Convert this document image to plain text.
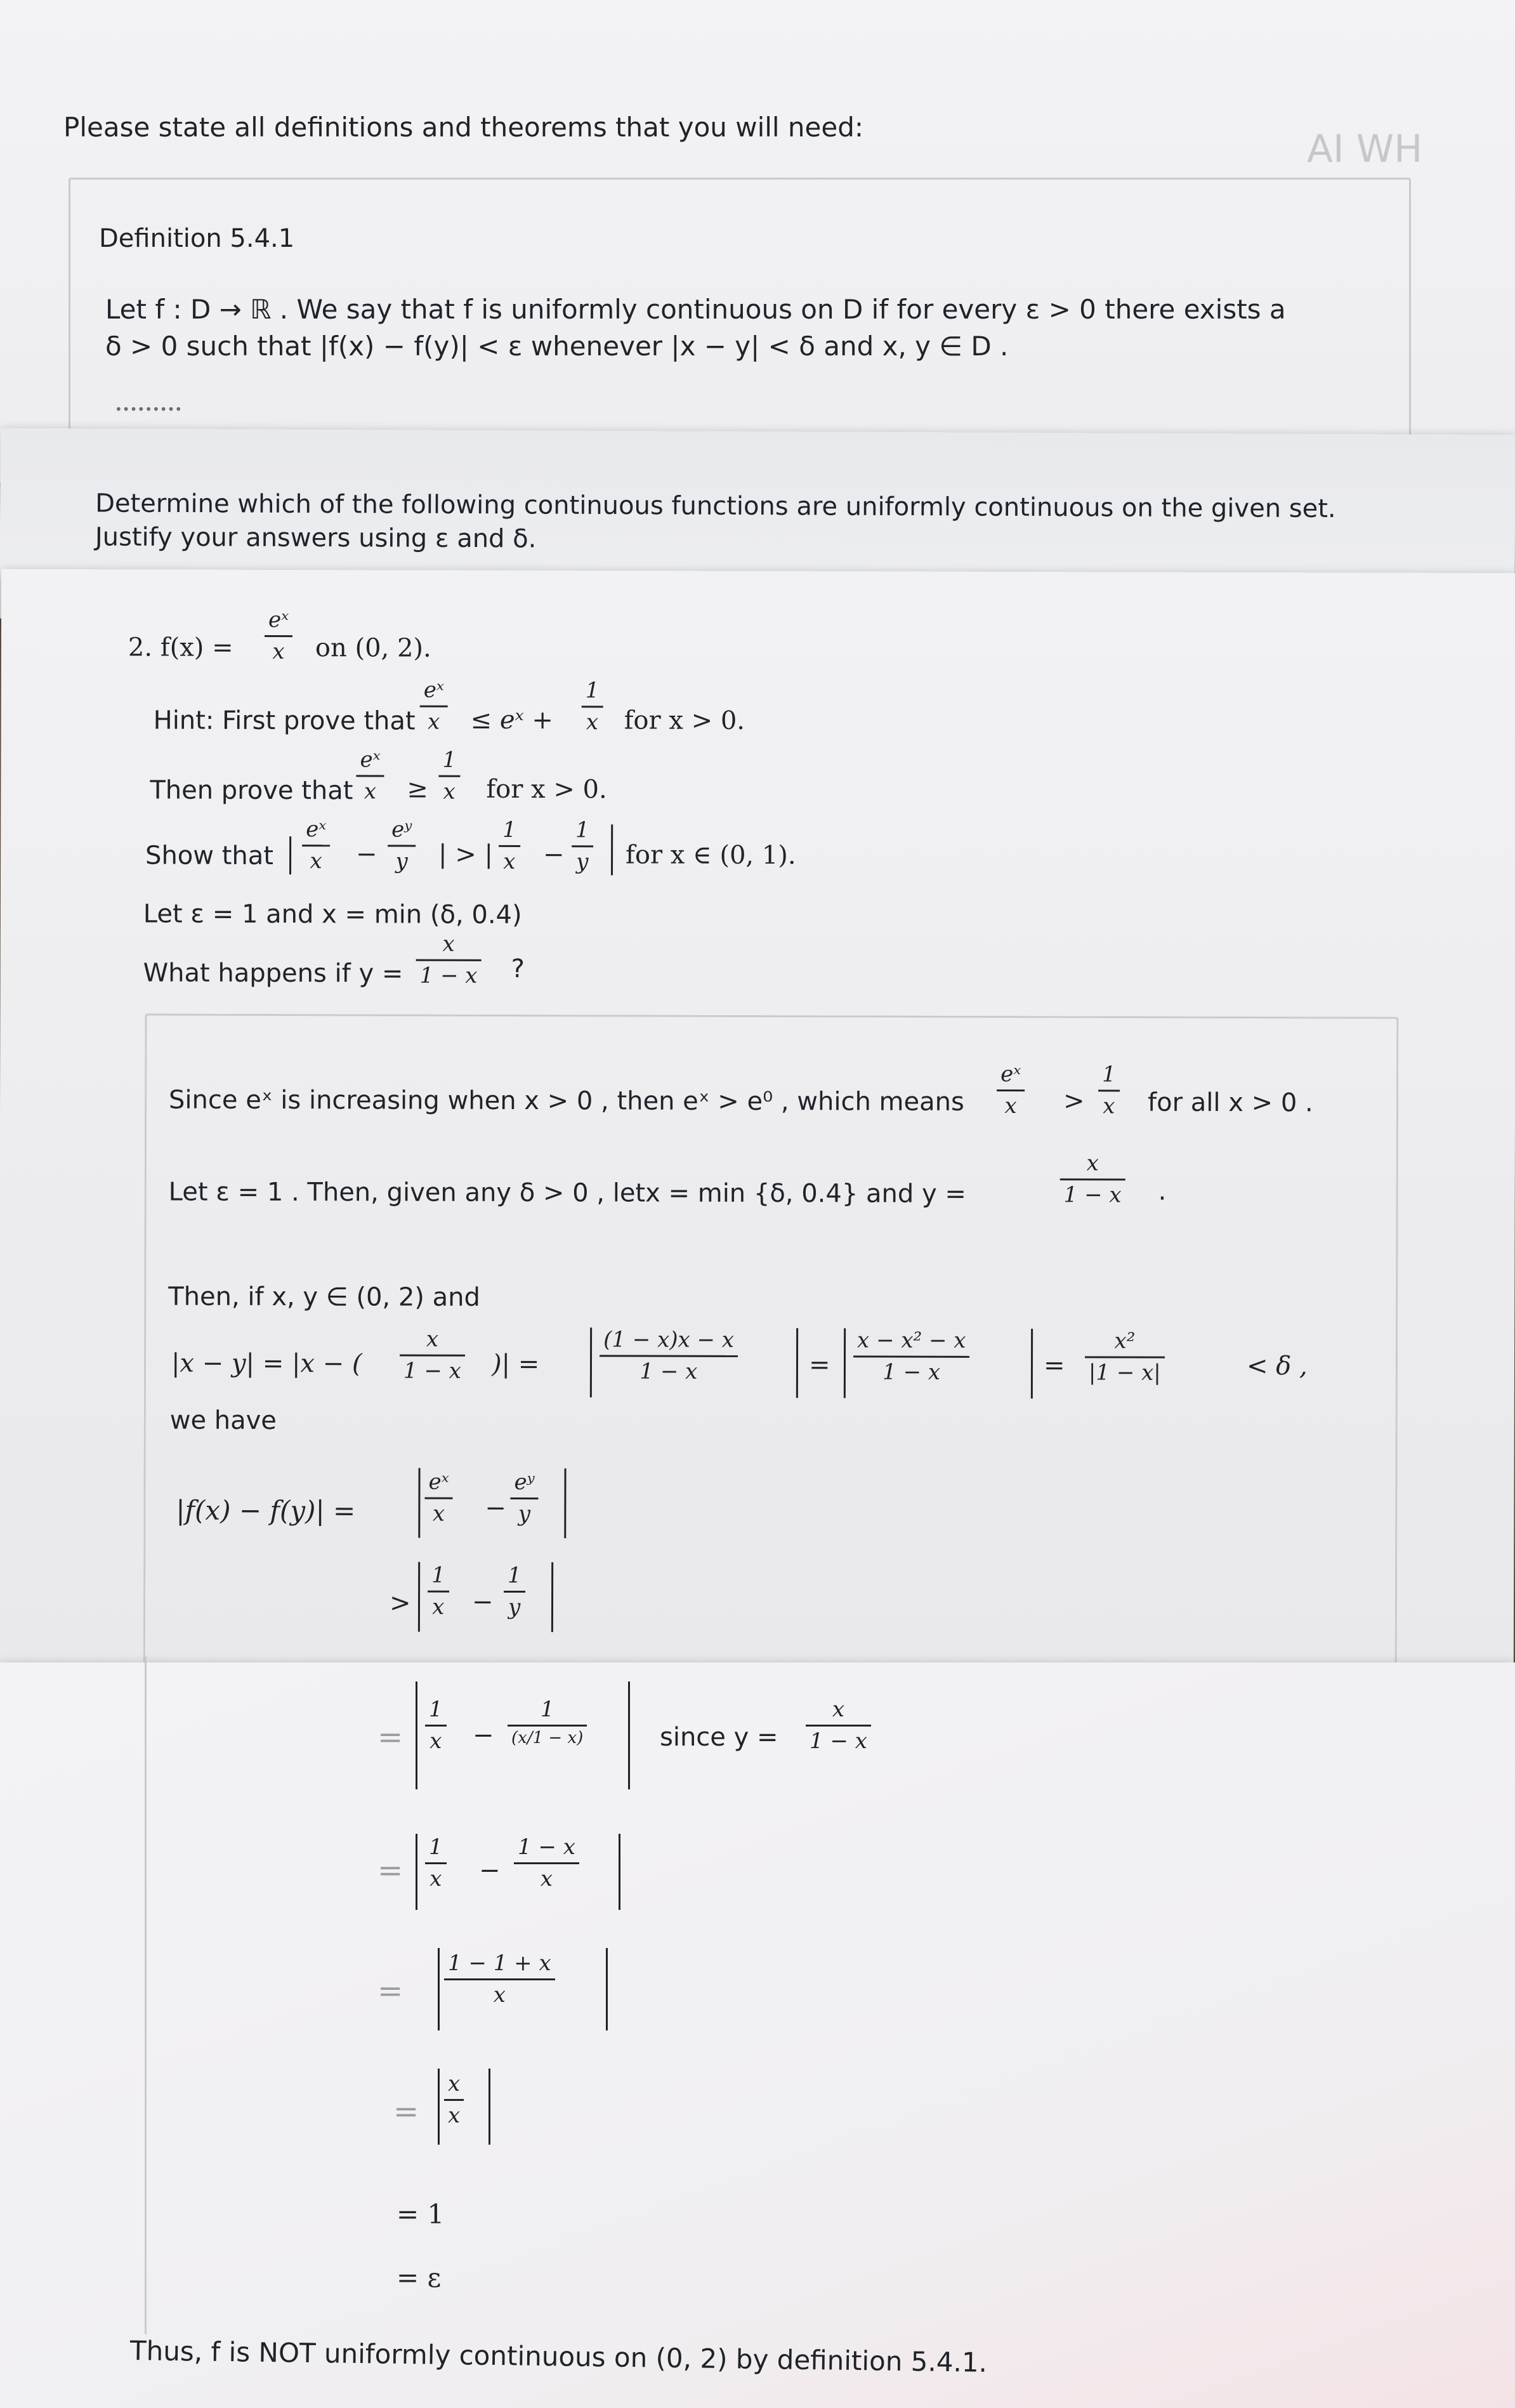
Please state all definitions and theorems that you will need:	AI WH
Definition 5.4.1
Let f : D → ℝ . We say that f is uniformly continuous on D if for every ε > 0 there exists a
δ > 0 such that |f(x) − f(y)| < ε whenever |x − y| < δ and x, y ∈ D .
•••••••••
Determine which of the following continuous functions are uniformly continuous on the given set.
Justify your answers using ε and δ.
2. f(x) =
eˣ
x on (0, 2).
Hint: First prove that
eˣ
x ≤ eˣ +
1
x for x > 0.
Then prove that
eˣ
x ≥
1
x for x > 0.
Show that
eˣ
x −
eʸ
y | > |
1
x −
1
y for x ∈ (0, 1).
Let ε = 1 and x = min (δ, 0.4)
What happens if y =
x
1 − x ?
Since eˣ is increasing when x > 0 , then eˣ > e⁰ , which means
eˣ
x >
1
x for all x > 0 .
Let ε = 1 . Then, given any δ > 0 , letx = min {δ, 0.4} and y =
x
1 − x .
Then, if x, y ∈ (0, 2) and
|x − y| = |x − (
x
1 − x )| =
(1 − x)x − x
1 − x	=
x − x² − x
1 − x	=
x²
|1 − x|	< δ ,
we have
|f(x) − f(y)| =
eˣ
x −
eʸ
y
>
1
x −
1
y
=
1
x −
1
(x/1 − x)	since y =
x
1 − x
=
1
x −
1 − x
x
=
1 − 1 + x
x
=
x
x
= 1
= ε
Thus, f is NOT uniformly continuous on (0, 2) by definition 5.4.1.
